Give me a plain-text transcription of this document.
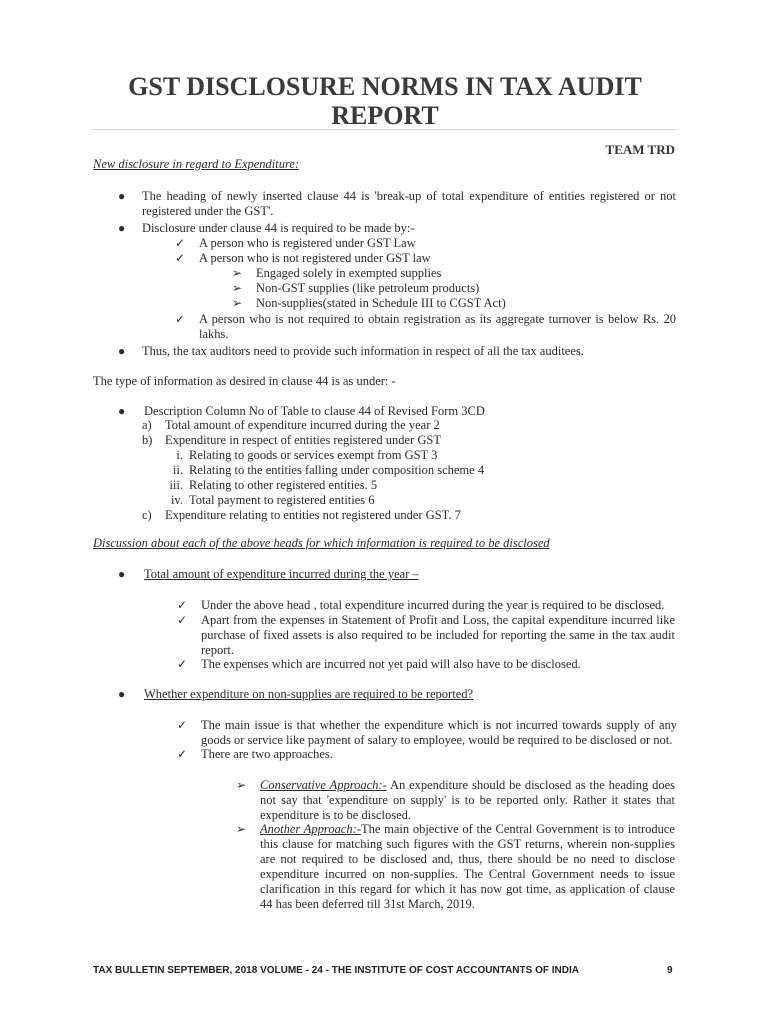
GST DISCLOSURE NORMS IN TAX AUDIT
REPORT
TEAM TRD
New disclosure in regard to Expenditure:
● The heading of newly inserted clause 44 is 'break-up of total expenditure of entities registered or not registered under the GST'.
● Disclosure under clause 44 is required to be made by:-
✓ A person who is registered under GST Law
✓ A person who is not registered under GST law
➢ Engaged solely in exempted supplies
➢ Non-GST supplies (like petroleum products)
➢ Non-supplies(stated in Schedule III to CGST Act)
✓ A person who is not required to obtain registration as its aggregate turnover is below Rs. 20 lakhs.
● Thus, the tax auditors need to provide such information in respect of all the tax auditees.
The type of information as desired in clause 44 is as under: -
● Description Column No of Table to clause 44 of Revised Form 3CD
a) Total amount of expenditure incurred during the year 2
b) Expenditure in respect of entities registered under GST
i. Relating to goods or services exempt from GST 3
ii. Relating to the entities falling under composition scheme 4
iii. Relating to other registered entities. 5
iv. Total payment to registered entities 6
c) Expenditure relating to entities not registered under GST. 7
Discussion about each of the above heads for which information is required to be disclosed
● Total amount of expenditure incurred during the year –
✓ Under the above head , total expenditure incurred during the year is required to be disclosed.
✓ Apart from the expenses in Statement of Profit and Loss, the capital expenditure incurred like purchase of fixed assets is also required to be included for reporting the same in the tax audit report.
✓ The expenses which are incurred not yet paid will also have to be disclosed.
● Whether expenditure on non-supplies are required to be reported?
✓ The main issue is that whether the expenditure which is not incurred towards supply of any goods or service like payment of salary to employee, would be required to be disclosed or not.
✓ There are two approaches.
➢ Conservative Approach:- An expenditure should be disclosed as the heading does not say that 'expenditure on supply' is to be reported only. Rather it states that expenditure is to be disclosed.
➢ Another Approach:-The main objective of the Central Government is to introduce this clause for matching such figures with the GST returns, wherein non-supplies are not required to be disclosed and, thus, there should be no need to disclose expenditure incurred on non-supplies. The Central Government needs to issue clarification in this regard for which it has now got time, as application of clause 44 has been deferred till 31st March, 2019.
TAX BULLETIN SEPTEMBER, 2018 VOLUME - 24 - THE INSTITUTE OF COST ACCOUNTANTS OF INDIA	9
